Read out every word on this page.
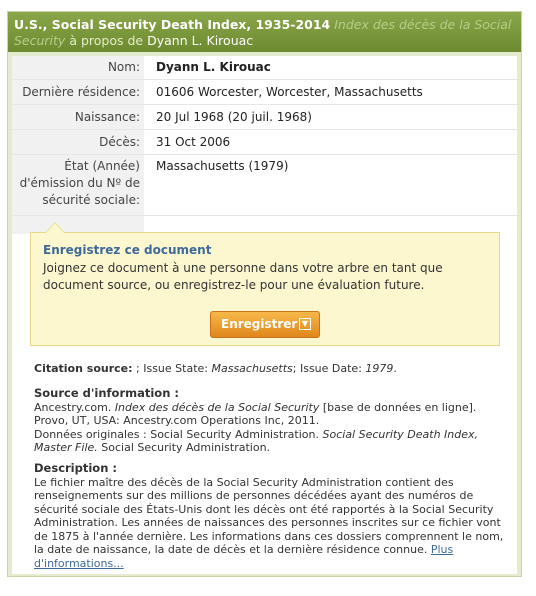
U.S., Social Security Death Index, 1935-2014 Index des décès de la Social Security à propos de Dyann L. Kirouac
Nom:	Dyann L. Kirouac
Dernière résidence:	01606 Worcester, Worcester, Massachusetts
Naissance:	20 Jul 1968 (20 juil. 1968)
Décès:	31 Oct 2006
État (Année) d'émission du Nº de sécurité sociale:
Massachusetts (1979)
Enregistrez ce document
Joignez ce document à une personne dans votre arbre en tant que document source, ou enregistrez-le pour une évaluation future.
Enregistrer ▼
Citation source: ; Issue State: Massachusetts; Issue Date: 1979.
Source d'information :
Ancestry.com. Index des décès de la Social Security [base de données en ligne].
Provo, UT, USA: Ancestry.com Operations Inc, 2011.
Données originales : Social Security Administration. Social Security Death Index,
Master File. Social Security Administration.
Description :
Le fichier maître des décès de la Social Security Administration contient des renseignements sur des millions de personnes décédées ayant des numéros de sécurité sociale des États-Unis dont les décès ont été rapportés à la Social Security Administration. Les années de naissances des personnes inscrites sur ce fichier vont de 1875 à l'année dernière. Les informations dans ces dossiers comprennent le nom, la date de naissance, la date de décès et la dernière résidence connue. Plus d'informations...
